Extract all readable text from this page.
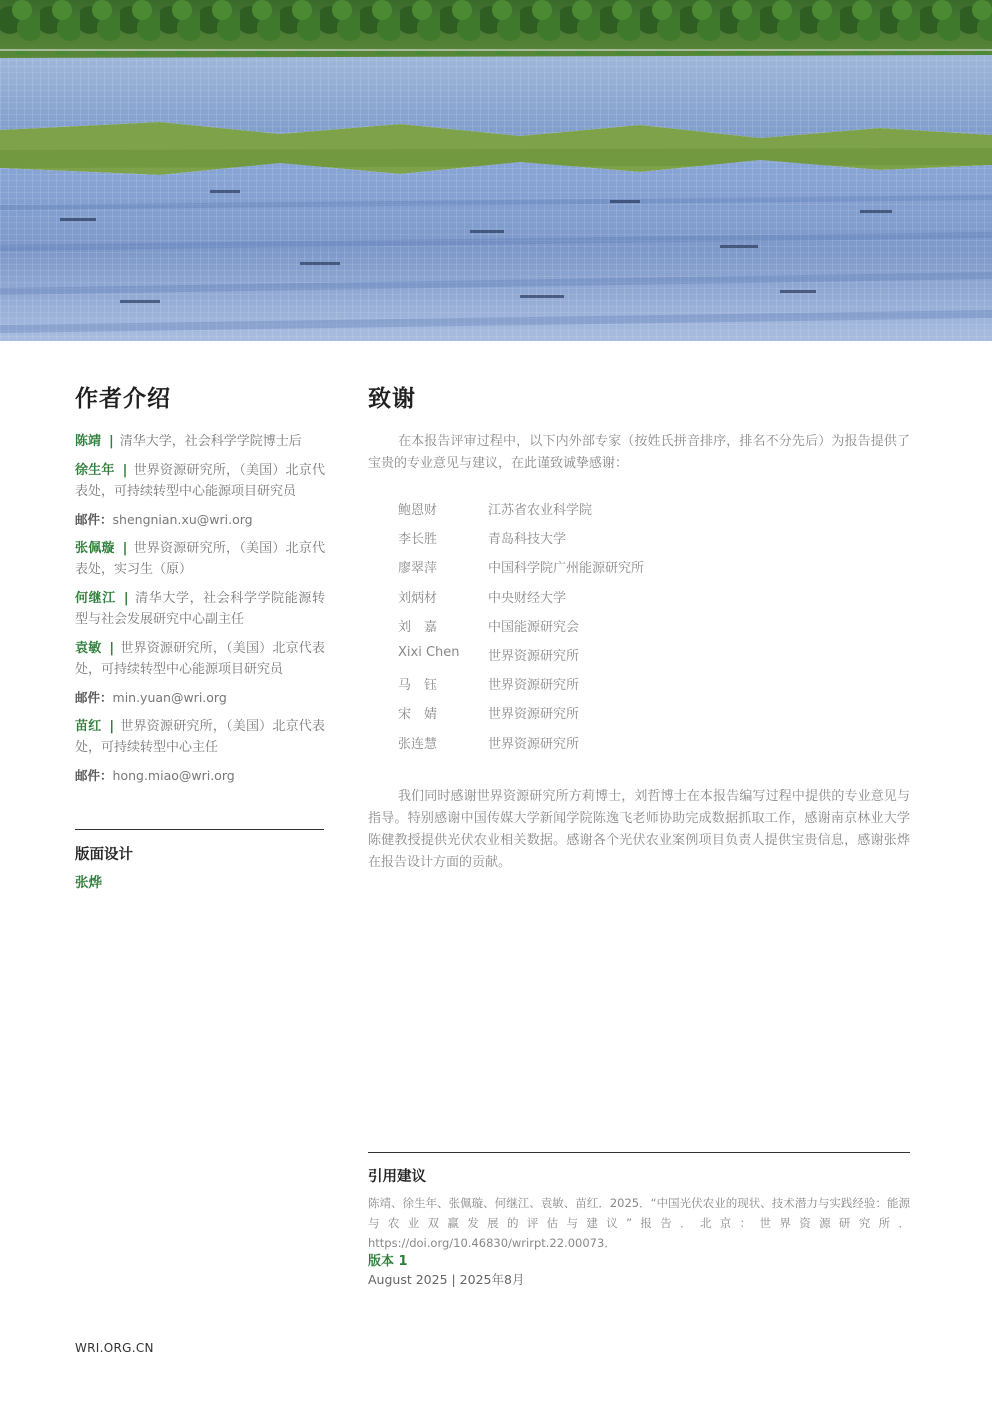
作者介绍
陈靖 | 清华大学，社会科学学院博士后
徐生年 | 世界资源研究所，（美国）北京代表处，可持续转型中心能源项目研究员
邮件：shengnian.xu@wri.org
张佩璇 | 世界资源研究所，（美国）北京代表处，实习生（原）
何继江 | 清华大学，社会科学学院能源转型与社会发展研究中心副主任
袁敏 | 世界资源研究所，（美国）北京代表处，可持续转型中心能源项目研究员
邮件：min.yuan@wri.org
苗红 | 世界资源研究所，（美国）北京代表处，可持续转型中心主任
邮件：hong.miao@wri.org
版面设计
张烨
致谢

在本报告评审过程中，以下内外部专家（按姓氏拼音排序，排名不分先后）为报告提供了宝贵的专业意见与建议，在此谨致诚挚感谢：

鲍恩财	江苏省农业科学院
李长胜	青岛科技大学
廖翠萍	中国科学院广州能源研究所
刘炳材	中央财经大学
刘　嘉	中国能源研究会
Xixi Chen	世界资源研究所
马　钰	世界资源研究所
宋　婧	世界资源研究所
张连慧	世界资源研究所

我们同时感谢世界资源研究所方莉博士，刘哲博士在本报告编写过程中提供的专业意见与指导。特别感谢中国传媒大学新闻学院陈逸飞老师协助完成数据抓取工作，感谢南京林业大学陈健教授提供光伏农业相关数据。感谢各个光伏农业案例项目负责人提供宝贵信息，感谢张烨在报告设计方面的贡献。

引用建议
陈靖、徐生年、张佩璇、何继江、袁敏、苗红．2025．“中国光伏农业的现状、技术潜力与实践经验：能源与农业双赢发展的评估与建议”报告．北京：世界资源研究所．https://doi.org/10.46830/wrirpt.22.00073．
版本 1
August 2025 | 2025年8月
WRI.ORG.CN
